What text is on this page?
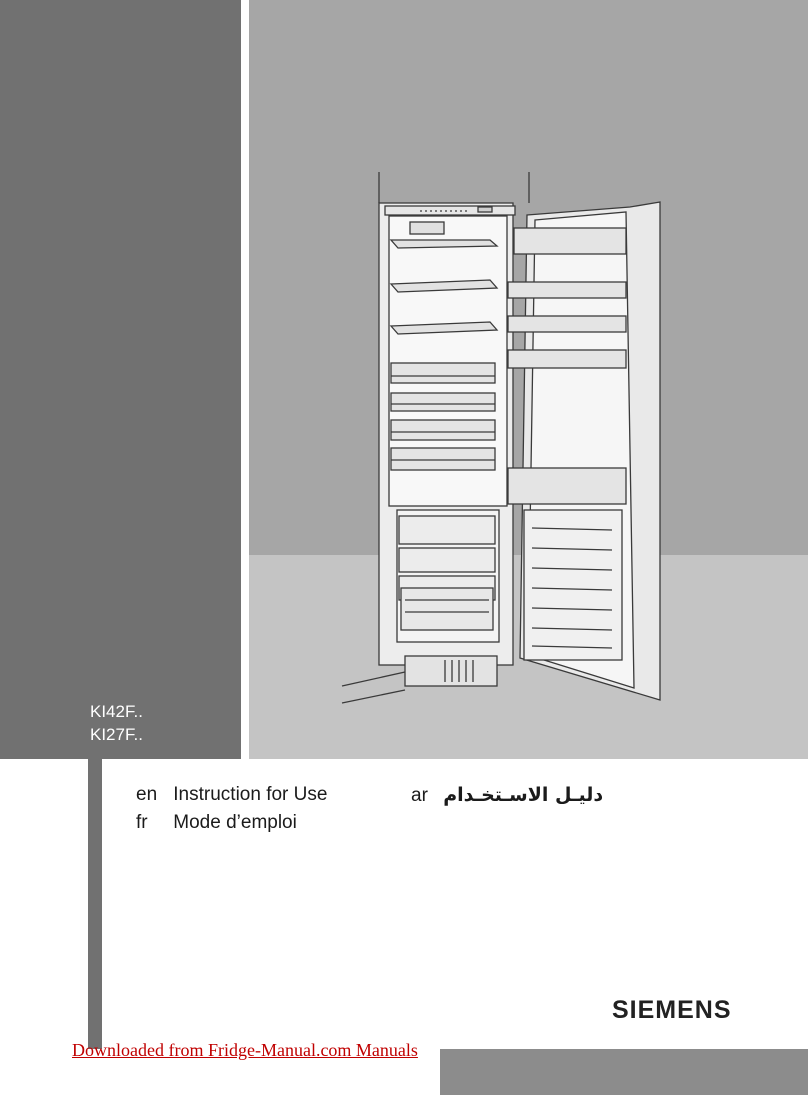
KI42F..
KI27F..
en Instruction for Use
fr Mode d’emploi
ar دليـل الاسـتخـدام
SIEMENS
Downloaded from Fridge-Manual.com Manuals
